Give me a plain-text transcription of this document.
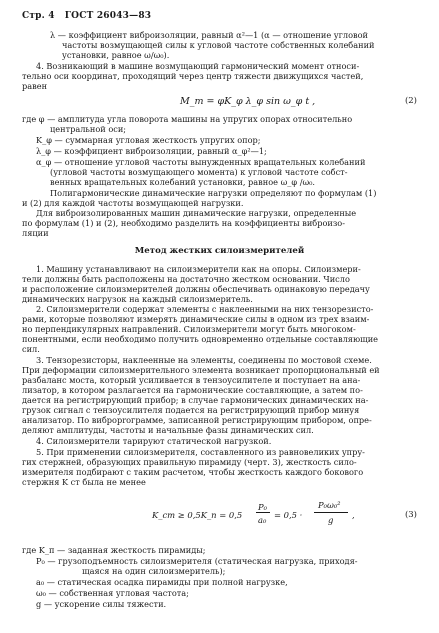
Стр. 4 ГОСТ 26043—83
λ — коэффициент виброизоляции, равный α²—1 (α — отношение угловой
частоты возмущающей силы к угловой частоте собственных колебаний
установки, равное ω/ω₀).
4. Возникающий в машине возмущающий гармонический момент относи-
тельно оси координат, проходящий через центр тяжести движущихся частей,
равен
M_m = φK_φ λ_φ sin ω_φ t ,	(2)
где φ — амплитуда угла поворота машины на упругих опорах относительно
центральной оси;
K_φ — суммарная угловая жесткость упругих опор;
λ_φ — коэффициент виброизоляции, равный α_φ²—1;
α_φ — отношение угловой частоты вынужденных вращательных колебаний
(угловой частоты возмущающего момента) к угловой частоте собст-
венных вращательных колебаний установки, равное ω_φ /ω₀.
Полигармонические динамические нагрузки определяют по формулам (1)
и (2) для каждой частоты возмущающей нагрузки.
Для виброизолированных машин динамические нагрузки, определенные
по формулам (1) и (2), необходимо разделить на коэффициенты виброизо-
ляции
Метод жестких силоизмерителей
1. Машину устанавливают на силоизмерители как на опоры. Силоизмери-
тели должны быть расположены на достаточно жестком основании. Число
и расположение силоизмерителей должны обеспечивать одинаковую передачу
динамических нагрузок на каждый силоизмеритель.
2. Силоизмерители содержат элементы с наклеенными на них тензорезисто-
рами, которые позволяют измерять динамические силы в одном из трех взаим-
но перпендикулярных направлений. Силоизмерители могут быть многоком-
понентными, если необходимо получить одновременно отдельные составляющие
сил.
3. Тензорезисторы, наклеенные на элементы, соединены по мостовой схеме.
При деформации силоизмерительного элемента возникает пропорциональный ей
разбаланс моста, который усиливается в тензоусилителе и поступает на ана-
лизатор, в котором разлагается на гармонические составляющие, а затем по-
дается на регистрирующий прибор; в случае гармонических динамических на-
грузок сигнал с тензоусилителя подается на регистрирующий прибор минуя
анализатор. По виброprограмме, записанной регистрирующим прибором, опре-
деляют амплитуды, частоты и начальные фазы динамических сил.
4. Силоизмерители тарируют статической нагрузкой.
5. При применении силоизмерителя, составленного из равновеликих упру-
гих стержней, образующих правильную пирамиду (черт. 3), жесткость сило-
измерителя подбирают с таким расчетом, чтобы жесткость каждого бокового
стержня K ст была не менее
K_ст ≥ 0,5K_п = 0,5
P₀
a₀ = 0,5 ·
P₀ω₀²
g ,	(3)
где K_п — заданная жесткость пирамиды;
P₀ — грузоподъемность силоизмерителя (статическая нагрузка, приходя-
щаяся на один силоизмеритель);
a₀ — статическая осадка пирамиды при полной нагрузке,
ω₀ — собственная угловая частота;
g — ускорение силы тяжести.
